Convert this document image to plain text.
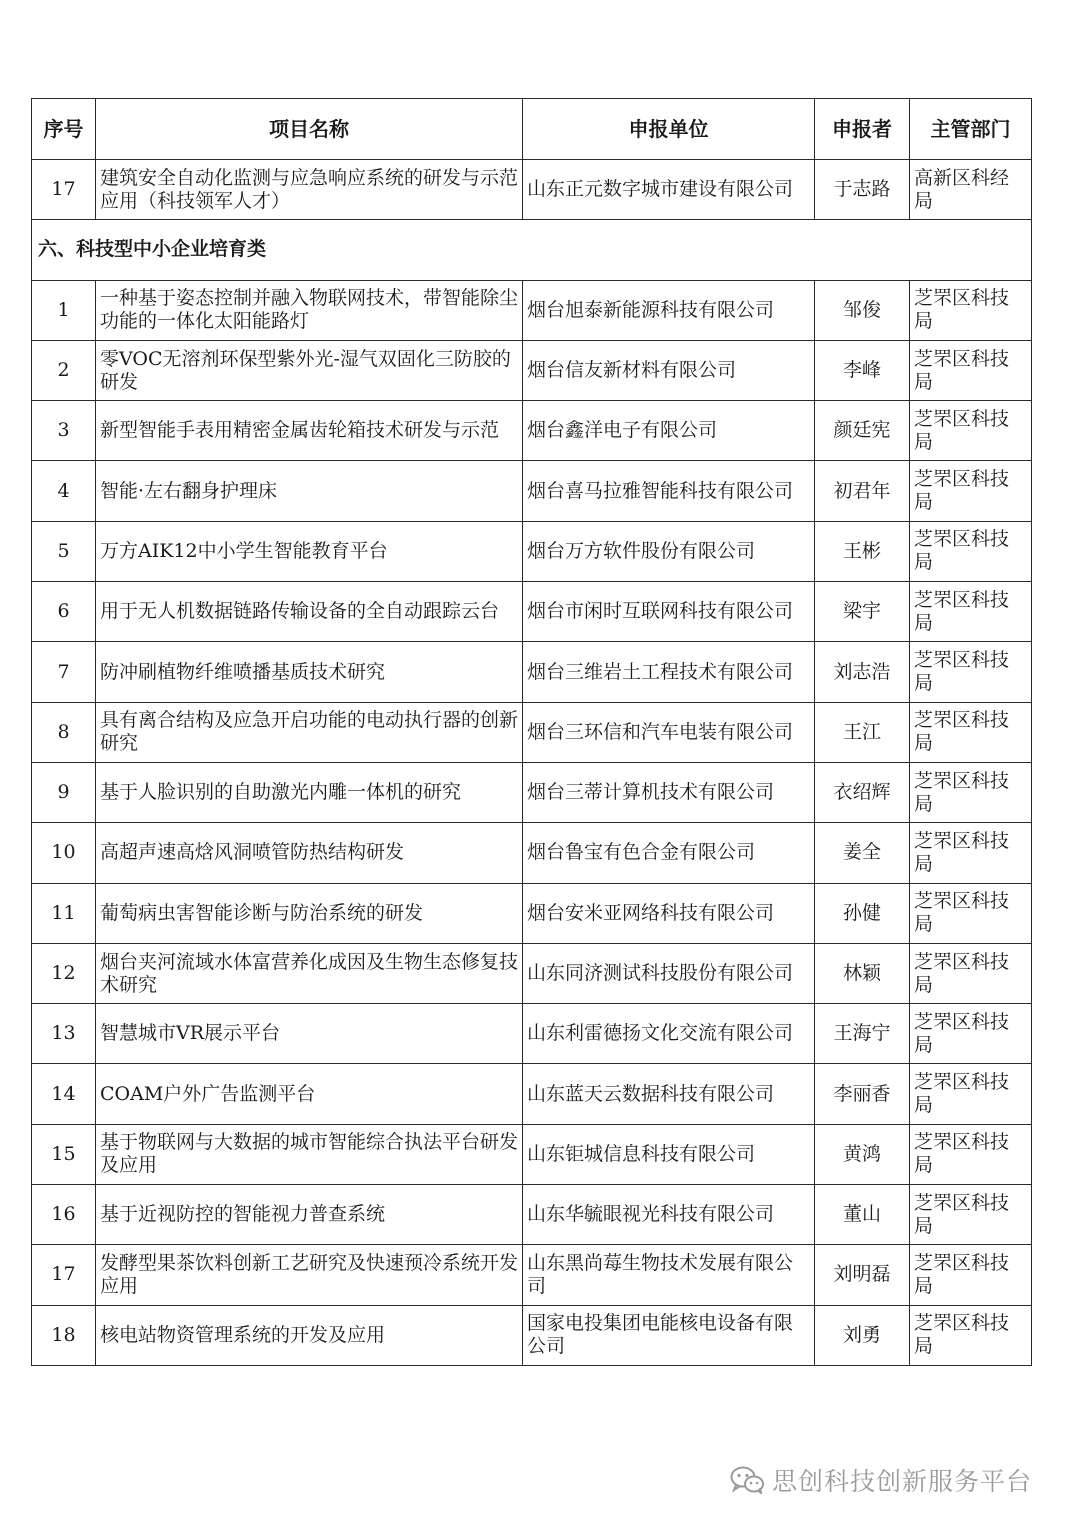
序号	项目名称	申报单位	申报者	主管部门
17	建筑安全自动化监测与应急响应系统的研发与示范应用（科技领军人才）	山东正元数字城市建设有限公司	于志路	高新区科经局
六、科技型中小企业培育类				
1	一种基于姿态控制并融入物联网技术，带智能除尘功能的一体化太阳能路灯	烟台旭泰新能源科技有限公司	邹俊	芝罘区科技局
2	零VOC无溶剂环保型紫外光-湿气双固化三防胶的研发	烟台信友新材料有限公司	李峰	芝罘区科技局
3	新型智能手表用精密金属齿轮箱技术研发与示范	烟台鑫洋电子有限公司	颜廷宪	芝罘区科技局
4	智能·左右翻身护理床	烟台喜马拉雅智能科技有限公司	初君年	芝罘区科技局
5	万方AIK12中小学生智能教育平台	烟台万方软件股份有限公司	王彬	芝罘区科技局
6	用于无人机数据链路传输设备的全自动跟踪云台	烟台市闲时互联网科技有限公司	梁宇	芝罘区科技局
7	防冲刷植物纤维喷播基质技术研究	烟台三维岩土工程技术有限公司	刘志浩	芝罘区科技局
8	具有离合结构及应急开启功能的电动执行器的创新研究	烟台三环信和汽车电装有限公司	王江	芝罘区科技局
9	基于人脸识别的自助激光内雕一体机的研究	烟台三蒂计算机技术有限公司	衣绍辉	芝罘区科技局
10	高超声速高焓风洞喷管防热结构研发	烟台鲁宝有色合金有限公司	姜全	芝罘区科技局
11	葡萄病虫害智能诊断与防治系统的研发	烟台安米亚网络科技有限公司	孙健	芝罘区科技局
12	烟台夹河流域水体富营养化成因及生物生态修复技术研究	山东同济测试科技股份有限公司	林颖	芝罘区科技局
13	智慧城市VR展示平台	山东利雷德扬文化交流有限公司	王海宁	芝罘区科技局
14	COAM户外广告监测平台	山东蓝天云数据科技有限公司	李丽香	芝罘区科技局
15	基于物联网与大数据的城市智能综合执法平台研发及应用	山东钜城信息科技有限公司	黄鸿	芝罘区科技局
16	基于近视防控的智能视力普查系统	山东华毓眼视光科技有限公司	董山	芝罘区科技局
17	发酵型果茶饮料创新工艺研究及快速预冷系统开发应用	山东黑尚莓生物技术发展有限公司	刘明磊	芝罘区科技局
18	核电站物资管理系统的开发及应用	国家电投集团电能核电设备有限公司	刘勇	芝罘区科技局
思创科技创新服务平台
